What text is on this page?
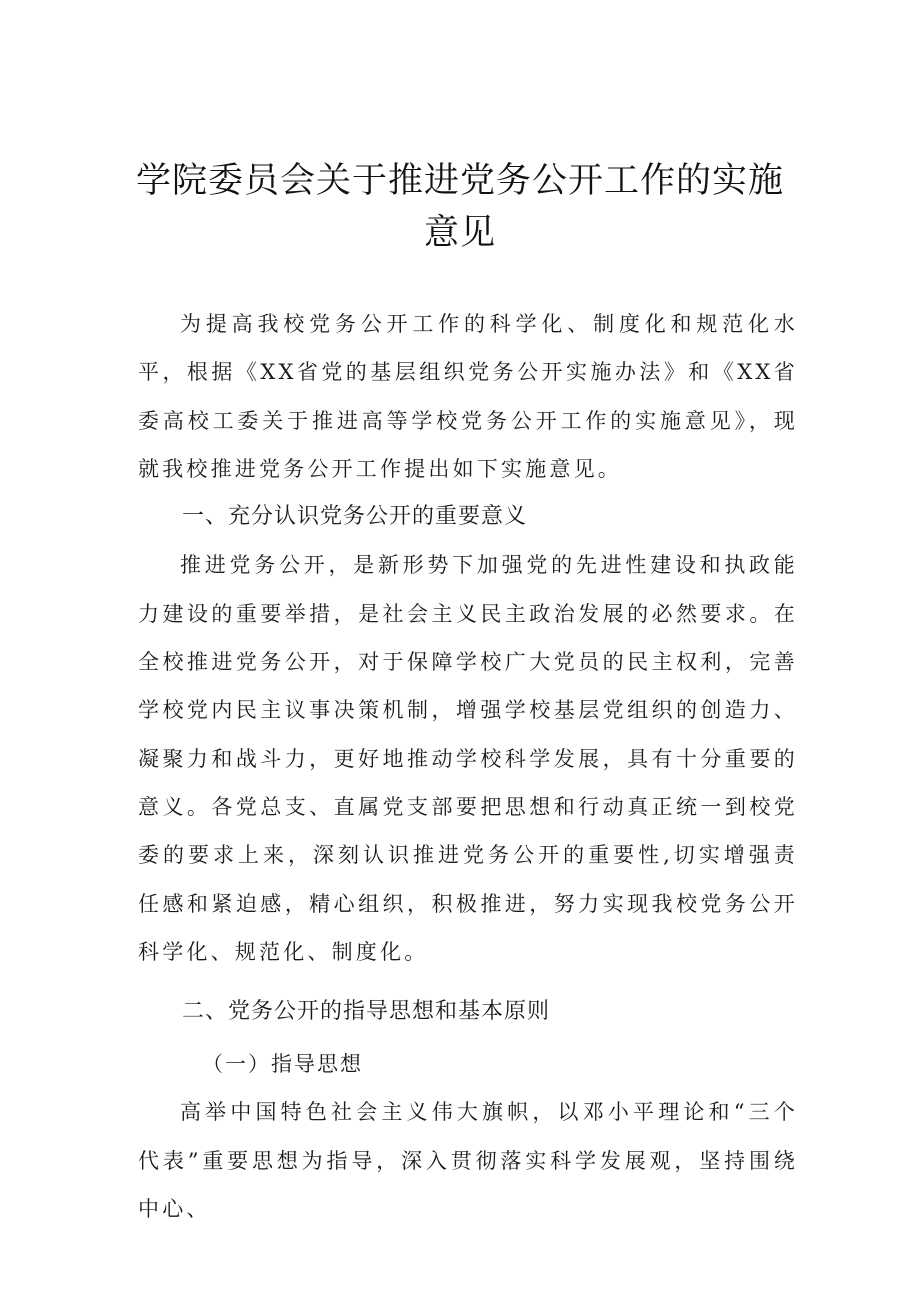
学院委员会关于推进党务公开工作的实施
意见

为提高我校党务公开工作的科学化、制度化和规范化水平，根据《XX省党的基层组织党务公开实施办法》和《XX省委高校工委关于推进高等学校党务公开工作的实施意见》，现就我校推进党务公开工作提出如下实施意见。

一、充分认识党务公开的重要意义

推进党务公开，是新形势下加强党的先进性建设和执政能力建设的重要举措，是社会主义民主政治发展的必然要求。在全校推进党务公开，对于保障学校广大党员的民主权利，完善学校党内民主议事决策机制，增强学校基层党组织的创造力、凝聚力和战斗力，更好地推动学校科学发展，具有十分重要的意义。各党总支、直属党支部要把思想和行动真正统一到校党委的要求上来，深刻认识推进党务公开的重要性,切实增强责任感和紧迫感，精心组织，积极推进，努力实现我校党务公开科学化、规范化、制度化。

二、党务公开的指导思想和基本原则
（一）指导思想

高举中国特色社会主义伟大旗帜，以邓小平理论和“三个代表”重要思想为指导，深入贯彻落实科学发展观，坚持围绕中心、
